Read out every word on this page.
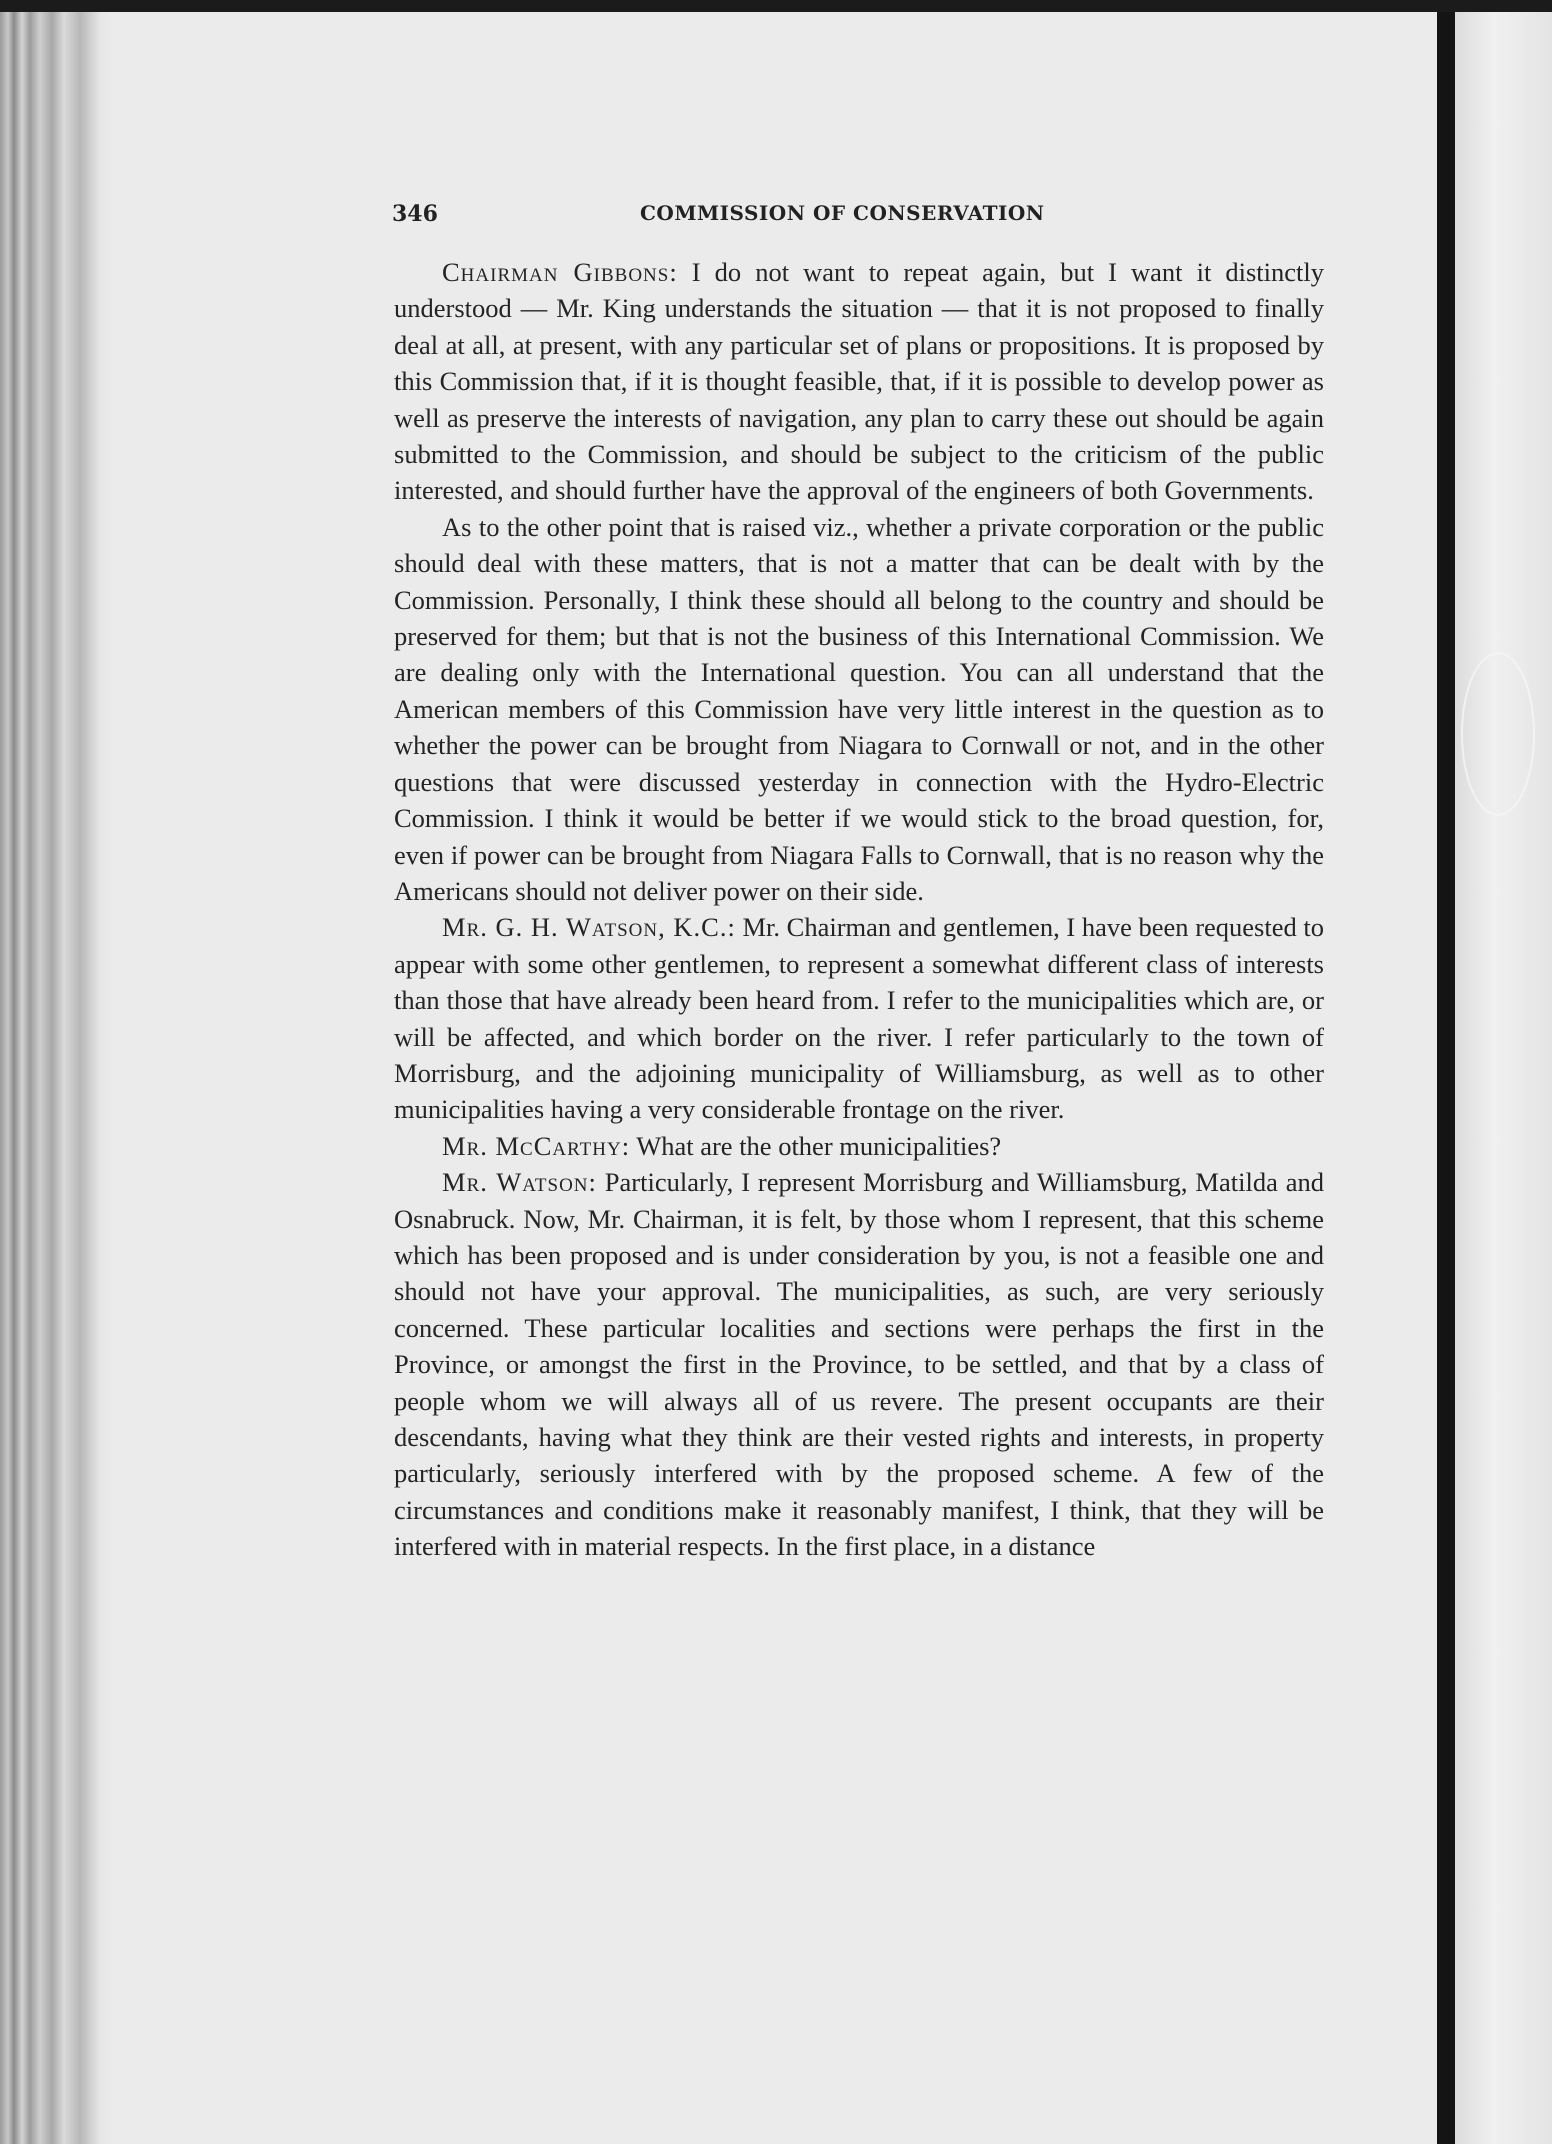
346	COMMISSION OF CONSERVATION

Chairman Gibbons: I do not want to repeat again, but I want it distinctly understood — Mr. King understands the situation — that it is not proposed to finally deal at all, at present, with any particular set of plans or propositions. It is proposed by this Commission that, if it is thought feasible, that, if it is possible to develop power as well as preserve the interests of navigation, any plan to carry these out should be again submitted to the Commission, and should be subject to the criticism of the public interested, and should further have the approval of the engineers of both Governments.

As to the other point that is raised viz., whether a private corporation or the public should deal with these matters, that is not a matter that can be dealt with by the Commission. Personally, I think these should all belong to the country and should be preserved for them; but that is not the business of this International Commission. We are dealing only with the International question. You can all understand that the American members of this Commission have very little interest in the question as to whether the power can be brought from Niagara to Cornwall or not, and in the other questions that were discussed yesterday in connection with the Hydro-Electric Commission. I think it would be better if we would stick to the broad question, for, even if power can be brought from Niagara Falls to Cornwall, that is no reason why the Americans should not deliver power on their side.

Mr. G. H. Watson, K.C.: Mr. Chairman and gentlemen, I have been requested to appear with some other gentlemen, to represent a somewhat different class of interests than those that have already been heard from. I refer to the municipalities which are, or will be affected, and which border on the river. I refer particularly to the town of Morrisburg, and the adjoining municipality of Williamsburg, as well as to other municipalities having a very considerable frontage on the river.

Mr. McCarthy: What are the other municipalities?

Mr. Watson: Particularly, I represent Morrisburg and Williamsburg, Matilda and Osnabruck. Now, Mr. Chairman, it is felt, by those whom I represent, that this scheme which has been proposed and is under consideration by you, is not a feasible one and should not have your approval. The municipalities, as such, are very seriously concerned. These particular localities and sections were perhaps the first in the Province, or amongst the first in the Province, to be settled, and that by a class of people whom we will always all of us revere. The present occupants are their descendants, having what they think are their vested rights and interests, in property particularly, seriously interfered with by the proposed scheme. A few of the circumstances and conditions make it reasonably manifest, I think, that they will be interfered with in material respects. In the first place, in a distance
